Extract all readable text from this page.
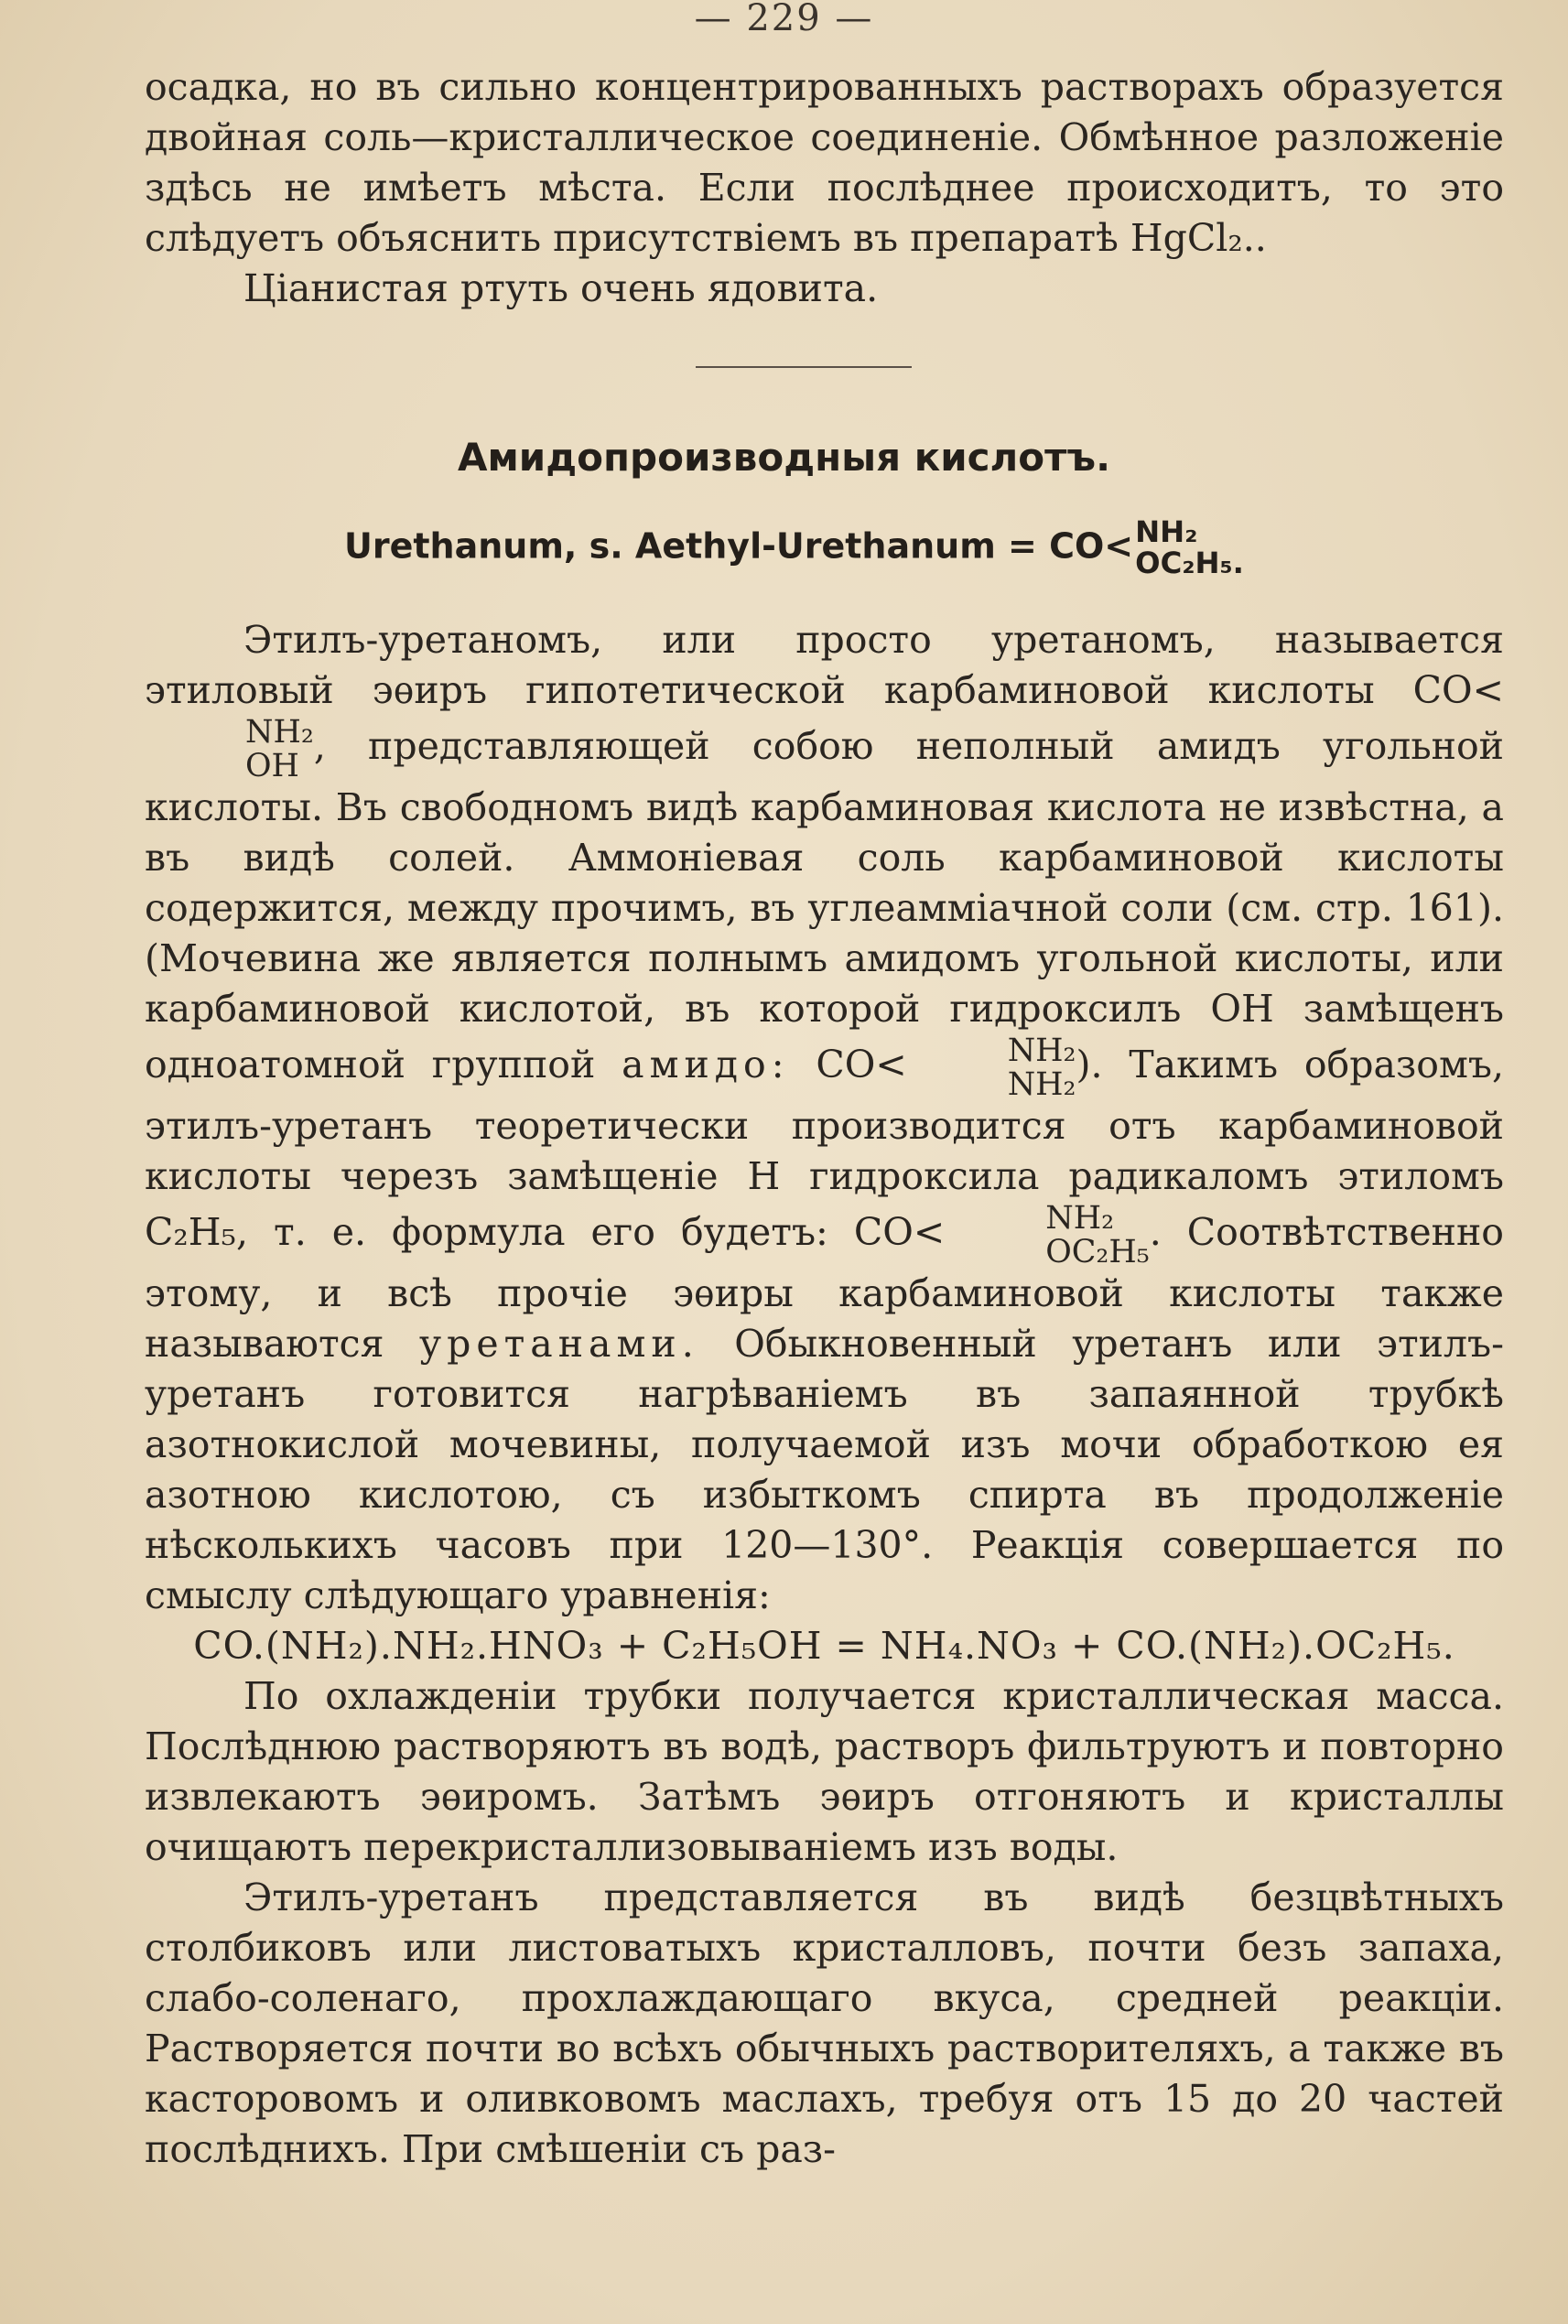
— 229 —

осадка, но въ сильно концентрированныхъ растворахъ образуется двойная соль—кристаллическое соединеніе. Обмѣнное разложеніе здѣсь не имѣетъ мѣста. Если послѣднее происходитъ, то это слѣдуетъ объяснить присутствіемъ въ препаратѣ HgCl₂..

Ціанистая ртуть очень ядовита.

Амидопроизводныя кислотъ.
Urethanum, s. Aethyl-Urethanum = CO< NH₂
OC₂H₅.

Этилъ-уретаномъ, или просто уретаномъ, называется этиловый эѳиръ гипотетической карбаминовой кислоты CO<
NH₂
OH , представляющей собою неполный амидъ угольной кислоты. Въ свободномъ видѣ карбаминовая кислота не извѣстна, а въ видѣ солей. Аммоніевая соль карбаминовой кислоты содержится, между прочимъ, въ углеамміачной соли (см. стр. 161). (Мочевина же является полнымъ амидомъ угольной кислоты, или карбаминовой кислотой, въ которой гидроксилъ OH замѣщенъ одноатомной группой амидо: CO<	NH₂
NH₂ ). Такимъ образомъ, этилъ-уретанъ теоретически производится отъ карбаминовой кислоты черезъ замѣщеніе H гидроксила радикаломъ этиломъ C₂H₅, т. е. формула его будетъ: CO<	NH₂
OC₂H₅ . Соотвѣтственно этому, и всѣ прочіе эѳиры карбаминовой кислоты также называются уретанами. Обыкновенный уретанъ или этилъ-уретанъ готовится нагрѣваніемъ въ запаянной трубкѣ азотнокислой мочевины, получаемой изъ мочи обработкою ея азотною кислотою, съ избыткомъ спирта въ продолженіе нѣсколькихъ часовъ при 120—130°. Реакція совершается по смыслу слѣдующаго уравненія:

CO.(NH₂).NH₂.HNO₃ + C₂H₅OH = NH₄.NO₃ + CO.(NH₂).OC₂H₅.

По охлажденіи трубки получается кристаллическая масса. Послѣднюю растворяютъ въ водѣ, растворъ фильтруютъ и повторно извлекаютъ эѳиромъ. Затѣмъ эѳиръ отгоняютъ и кристаллы очищаютъ перекристаллизовываніемъ изъ воды.

Этилъ-уретанъ представляется въ видѣ безцвѣтныхъ столбиковъ или листоватыхъ кристалловъ, почти безъ запаха, слабо-соленаго, прохлаждающаго вкуса, средней реакціи. Растворяется почти во всѣхъ обычныхъ растворителяхъ, а также въ касторовомъ и оливковомъ маслахъ, требуя отъ 15 до 20 частей послѣднихъ. При смѣшеніи съ раз-
